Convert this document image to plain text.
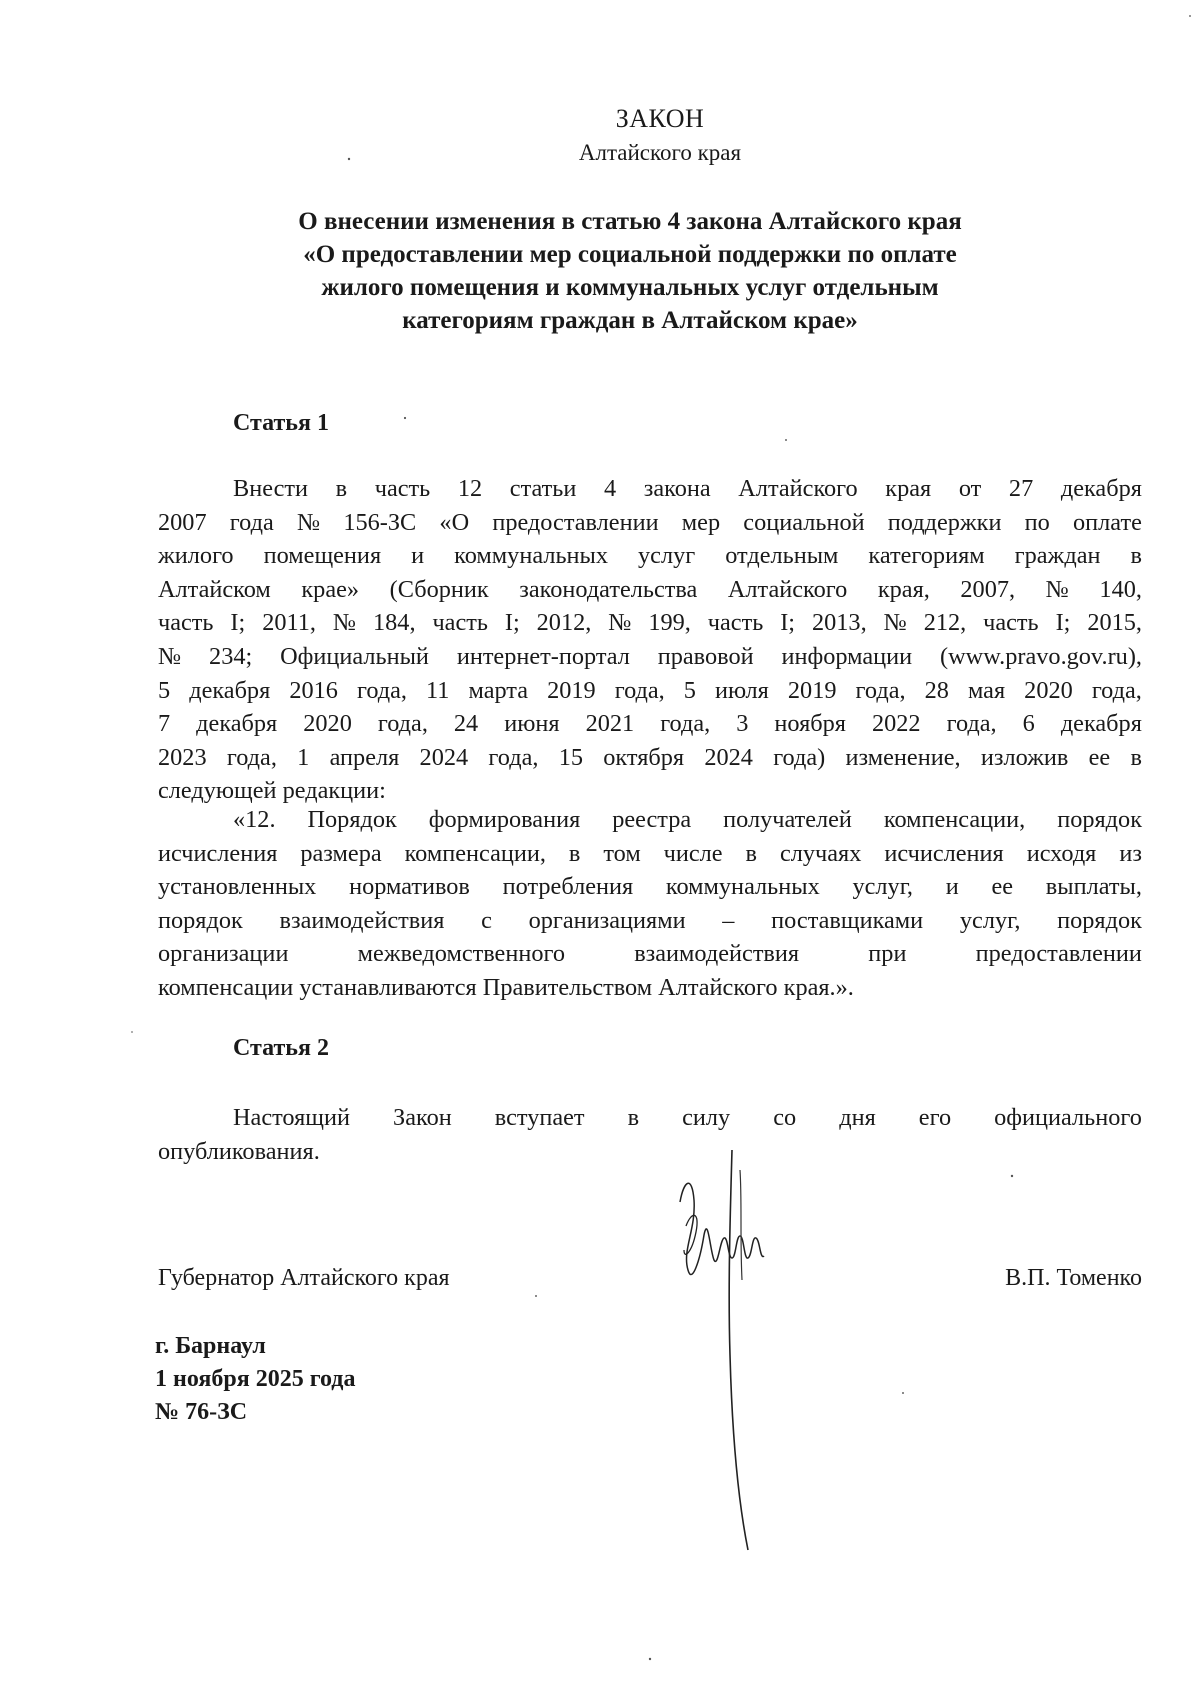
ЗАКОН
Алтайского края
О внесении изменения в статью 4 закона Алтайского края
«О предоставлении мер социальной поддержки по оплате
жилого помещения и коммунальных услуг отдельным
категориям граждан в Алтайском крае»
Статья 1
Внести в часть 12 статьи 4 закона Алтайского края от 27 декабря
2007 года № 156-ЗС «О предоставлении мер социальной поддержки по оплате
жилого помещения и коммунальных услуг отдельным категориям граждан в
Алтайском крае» (Сборник законодательства Алтайского края, 2007, № 140,
часть I; 2011, № 184, часть I; 2012, № 199, часть I; 2013, № 212, часть I; 2015,
№ 234; Официальный интернет-портал правовой информации (www.pravo.gov.ru),
5 декабря 2016 года, 11 марта 2019 года, 5 июля 2019 года, 28 мая 2020 года,
7 декабря 2020 года, 24 июня 2021 года, 3 ноября 2022 года, 6 декабря
2023 года, 1 апреля 2024 года, 15 октября 2024 года) изменение, изложив ее в
следующей редакции:
«12. Порядок формирования реестра получателей компенсации, порядок
исчисления размера компенсации, в том числе в случаях исчисления исходя из
установленных нормативов потребления коммунальных услуг, и ее выплаты,
порядок взаимодействия с организациями – поставщиками услуг, порядок
организации	межведомственного	взаимодействия	при	предоставлении
компенсации устанавливаются Правительством Алтайского края.».
Статья 2
Настоящий Закон вступает в силу со дня его официального
опубликования.
Губернатор Алтайского края	В.П. Томенко
г. Барнаул
1 ноября 2025 года
№ 76-ЗС
